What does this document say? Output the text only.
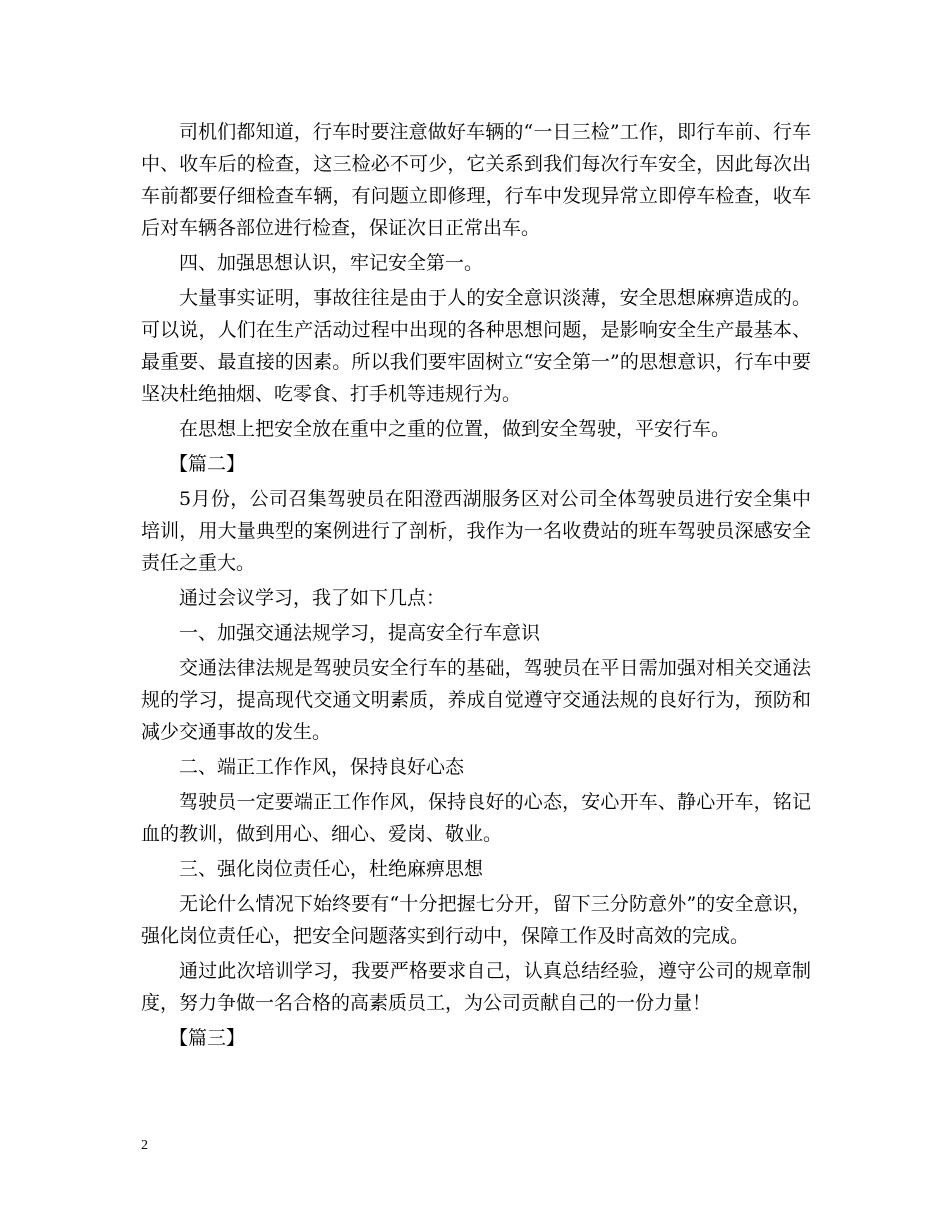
司机们都知道，行车时要注意做好车辆的“一日三检”工作，即行车前、行车中、收车后的检查，这三检必不可少，它关系到我们每次行车安全，因此每次出车前都要仔细检查车辆，有问题立即修理，行车中发现异常立即停车检查，收车后对车辆各部位进行检查，保证次日正常出车。

四、加强思想认识，牢记安全第一。

大量事实证明，事故往往是由于人的安全意识淡薄，安全思想麻痹造成的。可以说，人们在生产活动过程中出现的各种思想问题，是影响安全生产最基本、最重要、最直接的因素。所以我们要牢固树立“安全第一”的思想意识，行车中要坚决杜绝抽烟、吃零食、打手机等违规行为。

在思想上把安全放在重中之重的位置，做到安全驾驶，平安行车。

【篇二】

5月份，公司召集驾驶员在阳澄西湖服务区对公司全体驾驶员进行安全集中培训，用大量典型的案例进行了剖析，我作为一名收费站的班车驾驶员深感安全责任之重大。

通过会议学习，我了如下几点：

一、加强交通法规学习，提高安全行车意识

交通法律法规是驾驶员安全行车的基础，驾驶员在平日需加强对相关交通法规的学习，提高现代交通文明素质，养成自觉遵守交通法规的良好行为，预防和减少交通事故的发生。

二、端正工作作风，保持良好心态

驾驶员一定要端正工作作风，保持良好的心态，安心开车、静心开车，铭记血的教训，做到用心、细心、爱岗、敬业。

三、强化岗位责任心，杜绝麻痹思想

无论什么情况下始终要有“十分把握七分开，留下三分防意外”的安全意识，强化岗位责任心，把安全问题落实到行动中，保障工作及时高效的完成。

通过此次培训学习，我要严格要求自己，认真总结经验，遵守公司的规章制度，努力争做一名合格的高素质员工，为公司贡献自己的一份力量！

【篇三】

2
